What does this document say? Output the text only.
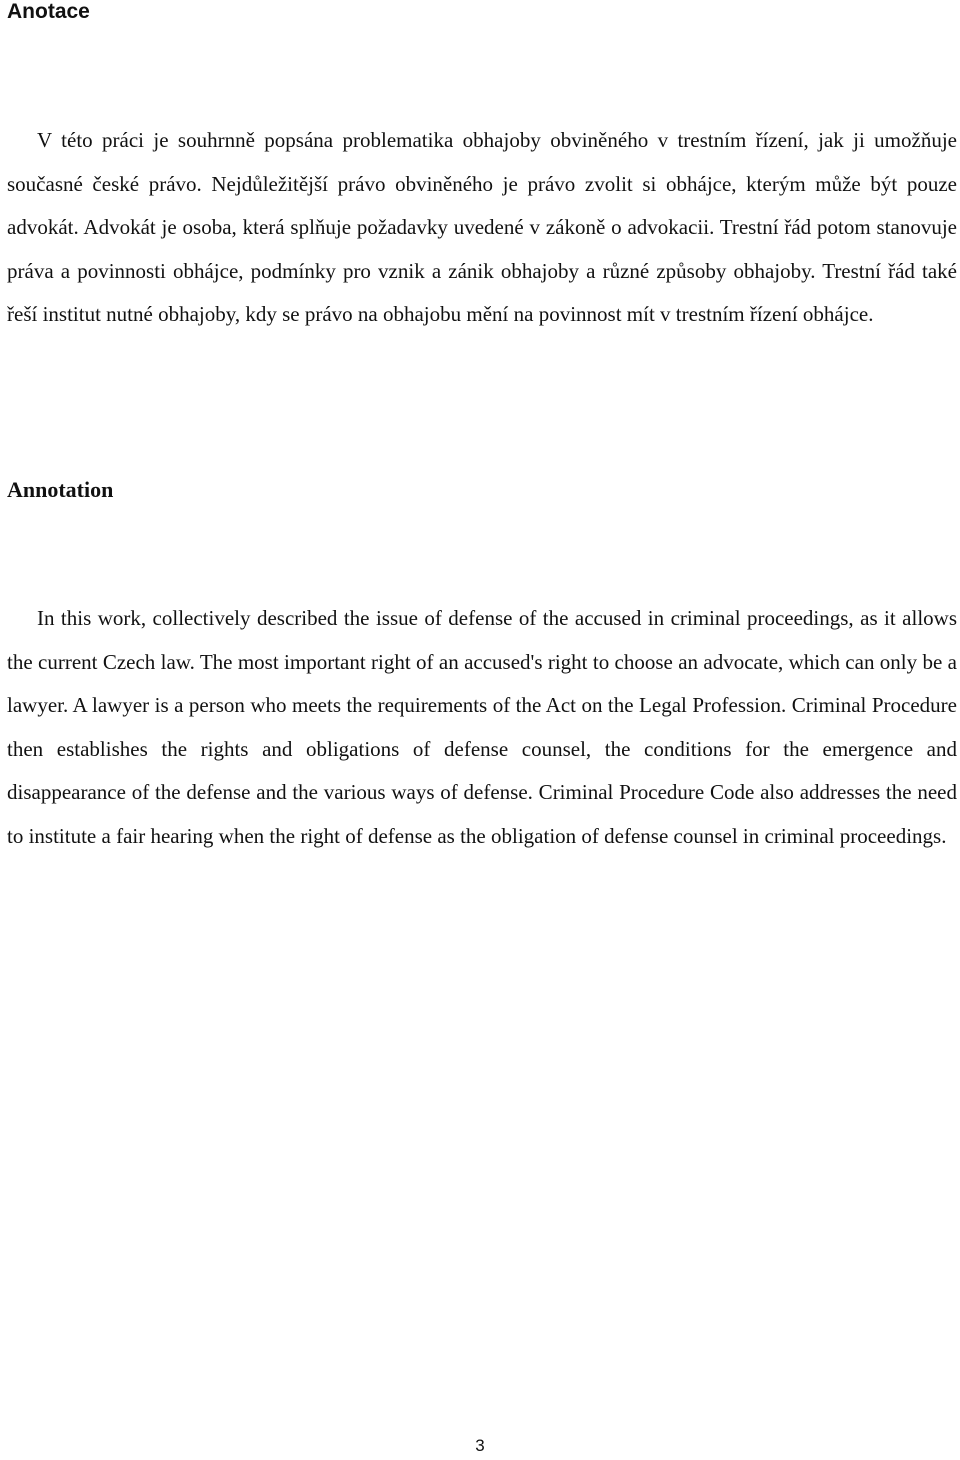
Anotace

V této práci je souhrnně popsána problematika obhajoby obviněného v trestním řízení, jak ji umožňuje současné české právo. Nejdůležitější právo obviněného je právo zvolit si obhájce, kterým může být pouze advokát. Advokát je osoba, která splňuje požadavky uvedené v zákoně o advokacii. Trestní řád potom stanovuje práva a povinnosti obhájce, podmínky pro vznik a zánik obhajoby a různé způsoby obhajoby. Trestní řád také řeší institut nutné obhajoby, kdy se právo na obhajobu mění na povinnost mít v trestním řízení obhájce.

Annotation

In this work, collectively described the issue of defense of the accused in criminal proceedings, as it allows the current Czech law. The most important right of an accused's right to choose an advocate, which can only be a lawyer. A lawyer is a person who meets the requirements of the Act on the Legal Profession. Criminal Procedure then establishes the rights and obligations of defense counsel, the conditions for the emergence and disappearance of the defense and the various ways of defense. Criminal Procedure Code also addresses the need to institute a fair hearing when the right of defense as the obligation of defense counsel in criminal proceedings.

3
